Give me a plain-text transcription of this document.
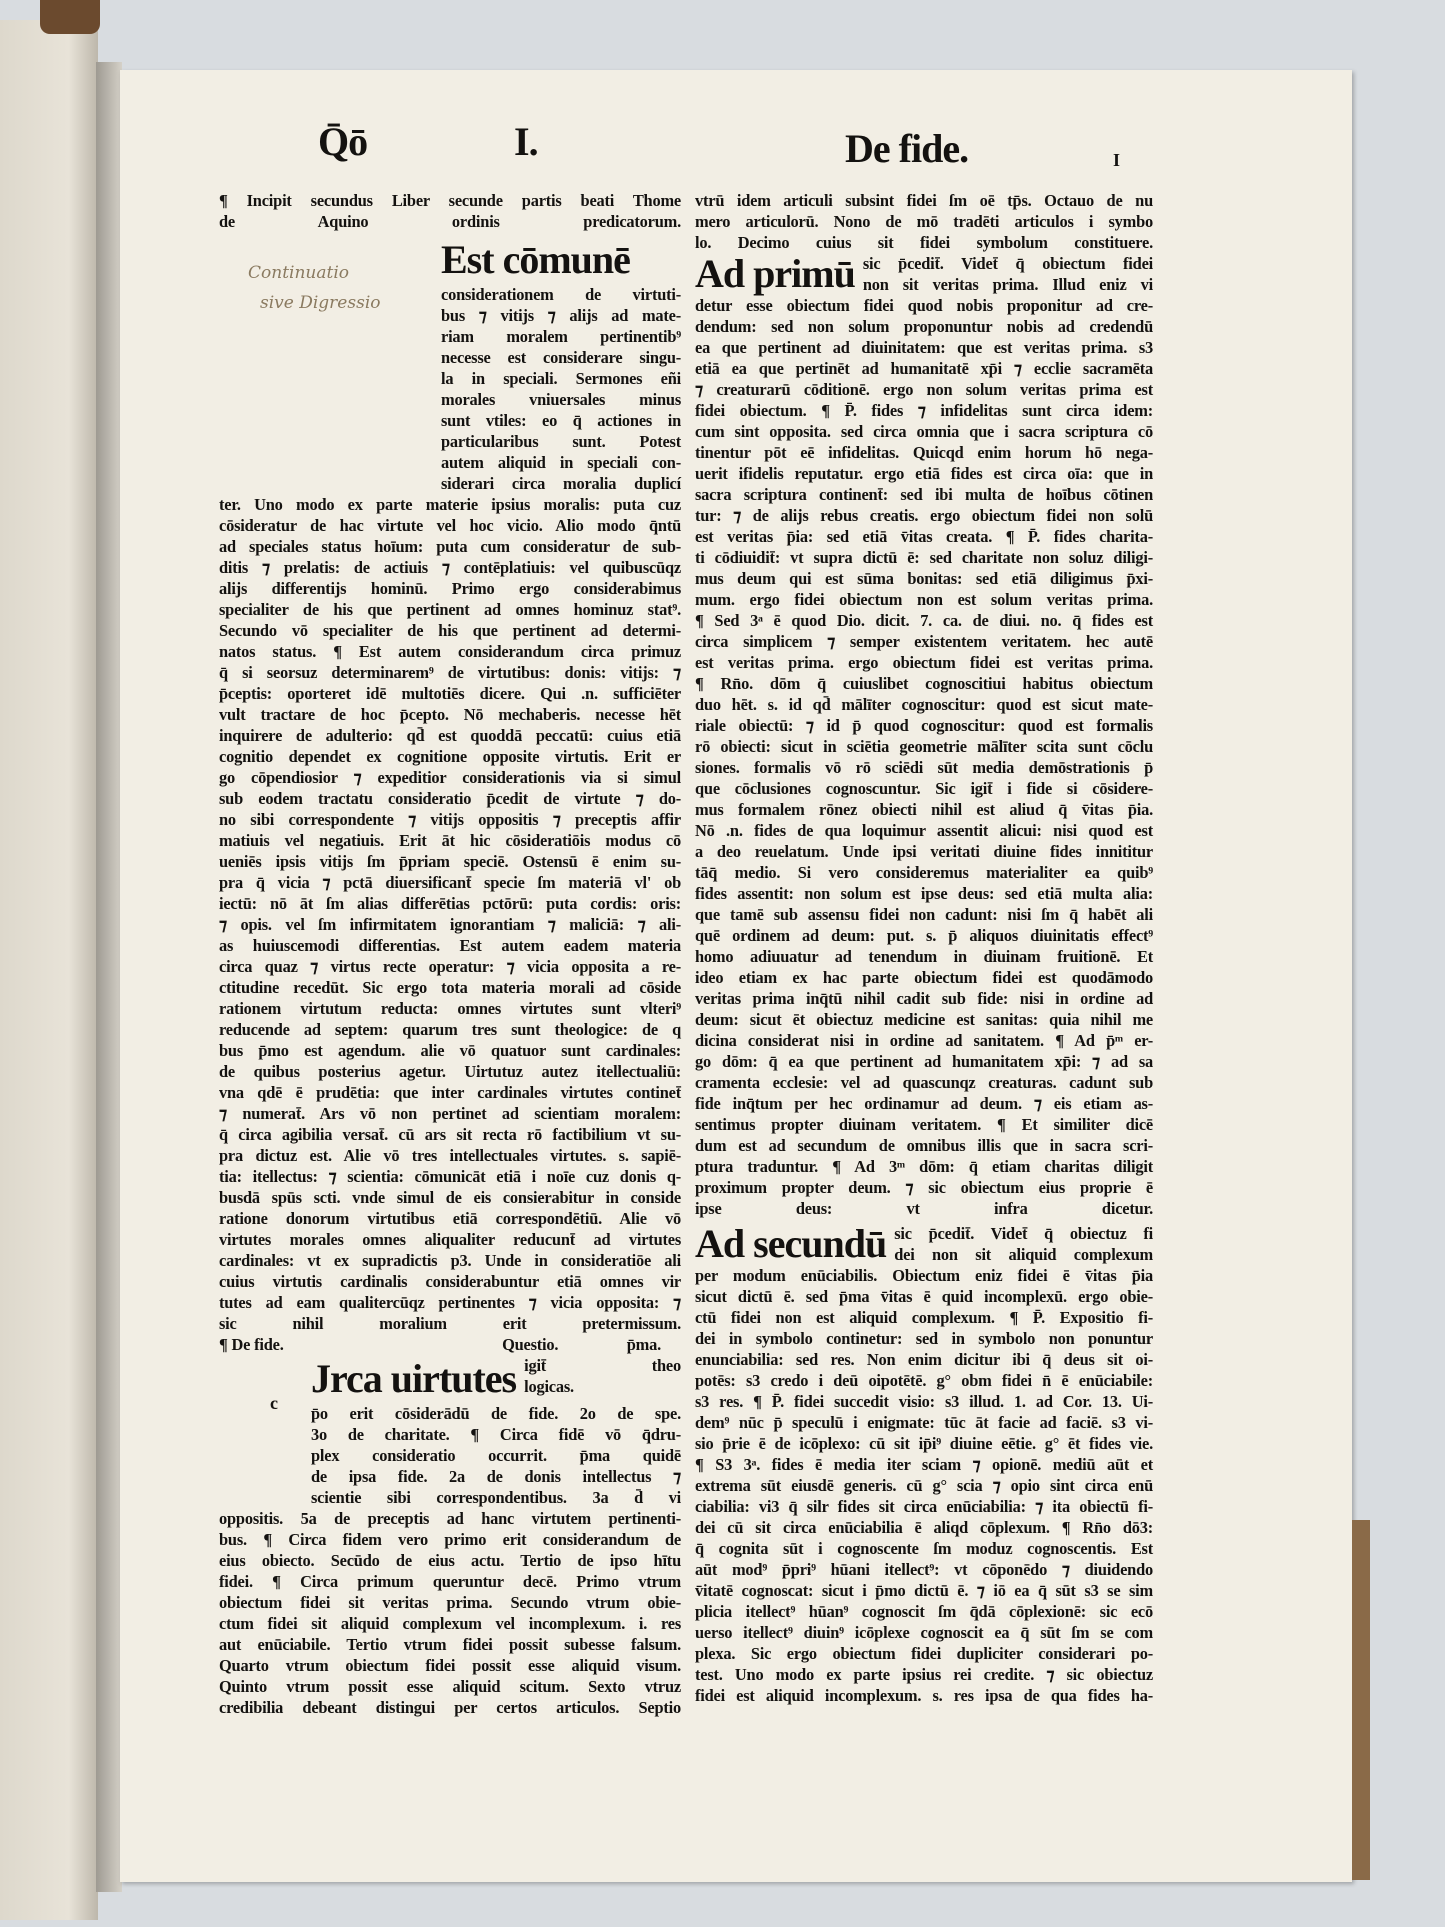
Q̄ō	I.	De fide.	I
Continuatio
sive Digressio
c
¶ Incipit secundus Liber secunde partis beati Thome
de Aquino ordinis predicatorum.
Est cōmunē
considerationem de virtuti-
bus ⁊ vitijs ⁊ alijs ad mate-
riam moralem pertinentib⁹
necesse est considerare singu-
la in speciali. Sermones eñi
morales vniuersales minus
sunt vtiles: eo q̄ actiones in
particularibus sunt. Potest
autem aliquid in speciali con-
siderari circa moralia duplicí
ter. Uno modo ex parte materie ipsius moralis: puta cuz
cōsideratur de hac virtute vel hoc vicio. Alio modo q̄ntū
ad speciales status hoīum: puta cum consideratur de sub-
ditis ⁊ prelatis: de actiuis ⁊ contēplatiuis: vel quibuscūqz
alijs differentijs hominū. Primo ergo considerabimus
specialiter de his que pertinent ad omnes hominuz stat⁹.
Secundo vō specialiter de his que pertinent ad determi-
natos status. ¶ Est autem considerandum circa primuz
q̄ si seorsuz determinarem⁹ de virtutibus: donis: vitijs: ⁊
p̄ceptis: oporteret idē multotiēs dicere. Qui .n. sufficiēter
vult tractare de hoc p̄cepto. Nō mechaberis. necesse hēt
inquirere de adulterio: qd̄ est quoddā peccatū: cuius etiā
cognitio dependet ex cognitione opposite virtutis. Erit er
go cōpendiosior ⁊ expeditior considerationis via si simul
sub eodem tractatu consideratio p̄cedit de virtute ⁊ do-
no sibi correspondente ⁊ vitijs oppositis ⁊ preceptis affir
matiuis vel negatiuis. Erit āt hic cōsideratiōis modus cō
ueniēs ipsis vitijs ſm p̄priam speciē. Ostensū ē enim su-
pra q̄ vicia ⁊ pctā diuersificant̄ specie ſm materiā vl' ob
iectū: nō āt ſm alias differētias pctōrū: puta cordis: oris:
⁊ opis. vel ſm infirmitatem ignorantiam ⁊ maliciā: ⁊ ali-
as huiuscemodi differentias. Est autem eadem materia
circa quaz ⁊ virtus recte operatur: ⁊ vicia opposita a re-
ctitudine recedūt. Sic ergo tota materia morali ad cōside
rationem virtutum reducta: omnes virtutes sunt vlteri⁹
reducende ad septem: quarum tres sunt theologice: de q
bus p̄mo est agendum. alie vō quatuor sunt cardinales:
de quibus posterius agetur. Uirtutuz autez itellectualiū:
vna qdē ē prudētia: que inter cardinales virtutes continet̄
⁊ numerat̄. Ars vō non pertinet ad scientiam moralem:
q̄ circa agibilia versat̄. cū ars sit recta rō factibilium vt su-
pra dictuz est. Alie vō tres intellectuales virtutes. s. sapiē-
tia: itellectus: ⁊ scientia: cōmunicāt etiā i noīe cuz donis q-
busdā spūs scti. vnde simul de eis consierabitur in conside
ratione donorum virtutibus etiā correspondētiū. Alie vō
virtutes morales omnes aliqualiter reducunt̄ ad virtutes
cardinales: vt ex supradictis p3. Unde in consideratiōe ali
cuius virtutis cardinalis considerabuntur etiā omnes vir
tutes ad eam qualitercūqz pertinentes ⁊ vicia opposita: ⁊
sic nihil moralium erit pretermissum.
¶ De fide.	Questio.	p̄ma.
Jrca uirtutes igit̄ theo
logicas.
p̄o erit cōsiderādū de fide. 2o de spe.
3o de charitate. ¶ Circa fidē vō q̄dru-
plex consideratio occurrit. p̄ma quidē
de ipsa fide. 2a de donis intellectus ⁊
scientie sibi correspondentibus. 3a d̄ vi
oppositis. 5a de preceptis ad hanc virtutem pertinenti-
bus. ¶ Circa fidem vero primo erit considerandum de
eius obiecto. Secūdo de eius actu. Tertio de ipso hītu
fidei. ¶ Circa primum queruntur decē. Primo vtrum
obiectum fidei sit veritas prima. Secundo vtrum obie-
ctum fidei sit aliquid complexum vel incomplexum. i. res
aut enūciabile. Tertio vtrum fidei possit subesse falsum.
Quarto vtrum obiectum fidei possit esse aliquid visum.
Quinto vtrum possit esse aliquid scitum. Sexto vtruz
credibilia debeant distingui per certos articulos. Septio
vtrū idem articuli subsint fidei ſm oē tp̄s. Octauo de nu
mero articulorū. Nono de mō tradēti articulos i symbo
lo. Decimo cuius sit fidei symbolum constituere.
Ad primū sic p̄cedit̄. Videt̄ q̄ obiectum fidei
non sit veritas prima. Illud eniz vi
detur esse obiectum fidei quod nobis proponitur ad cre-
dendum: sed non solum proponuntur nobis ad credendū
ea que pertinent ad diuinitatem: que est veritas prima. s3
etiā ea que pertinēt ad humanitatē xp̄i ⁊ ecclie sacramēta
⁊ creaturarū cōditionē. ergo non solum veritas prima est
fidei obiectum. ¶ P̄. fides ⁊ infidelitas sunt circa idem:
cum sint opposita. sed circa omnia que i sacra scriptura cō
tinentur pōt eē infidelitas. Quicqd enim horum hō nega-
uerit ifidelis reputatur. ergo etiā fides est circa oīa: que in
sacra scriptura continent̄: sed ibi multa de hoībus cōtinen
tur: ⁊ de alijs rebus creatis. ergo obiectum fidei non solū
est veritas p̄ia: sed etiā v̄itas creata. ¶ P̄. fides charita-
ti cōdiuidit̄: vt supra dictū ē: sed charitate non soluz diligi-
mus deum qui est sūma bonitas: sed etiā diligimus p̄xi-
mum. ergo fidei obiectum non est solum veritas prima.
¶ Sed 3ᵃ ē quod Dio. dicit. 7. ca. de diui. no. q̄ fides est
circa simplicem ⁊ semper existentem veritatem. hec autē
est veritas prima. ergo obiectum fidei est veritas prima.
¶ Rn̄o. dōm q̄ cuiuslibet cognoscitiui habitus obiectum
duo hēt. s. id qd̄ mālīter cognoscitur: quod est sicut mate-
riale obiectū: ⁊ id p̄ quod cognoscitur: quod est formalis
rō obiecti: sicut in sciētia geometrie mālīter scita sunt cōclu
siones. formalis vō rō sciēdi sūt media demōstrationis p̄
que cōclusiones cognoscuntur. Sic igit̄ i fide si cōsidere-
mus formalem rōnez obiecti nihil est aliud q̄ v̄itas p̄ia.
Nō .n. fides de qua loquimur assentit alicui: nisi quod est
a deo reuelatum. Unde ipsi veritati diuine fides innititur
tāq̄ medio. Si vero consideremus materialiter ea quib⁹
fides assentit: non solum est ipse deus: sed etiā multa alia:
que tamē sub assensu fidei non cadunt: nisi ſm q̄ habēt ali
quē ordinem ad deum: put. s. p̄ aliquos diuinitatis effect⁹
homo adiuuatur ad tenendum in diuinam fruitionē. Et
ideo etiam ex hac parte obiectum fidei est quodāmodo
veritas prima inq̄tū nihil cadit sub fide: nisi in ordine ad
deum: sicut ēt obiectuz medicine est sanitas: quia nihil me
dicina considerat nisi in ordine ad sanitatem. ¶ Ad p̄ᵐ er-
go dōm: q̄ ea que pertinent ad humanitatem xp̄i: ⁊ ad sa
cramenta ecclesie: vel ad quascunqz creaturas. cadunt sub
fide inq̄tum per hec ordinamur ad deum. ⁊ eis etiam as-
sentimus propter diuinam veritatem. ¶ Et similiter dicē
dum est ad secundum de omnibus illis que in sacra scri-
ptura traduntur. ¶ Ad 3ᵐ dōm: q̄ etiam charitas diligit
proximum propter deum. ⁊ sic obiectum eius proprie ē
ipse deus: vt infra dicetur.
Ad secundū sic p̄cedit̄. Videt̄ q̄ obiectuz fi
dei non sit aliquid complexum
per modum enūciabilis. Obiectum eniz fidei ē v̄itas p̄ia
sicut dictū ē. sed p̄ma v̄itas ē quid incomplexū. ergo obie-
ctū fidei non est aliquid complexum. ¶ P̄. Expositio fi-
dei in symbolo continetur: sed in symbolo non ponuntur
enunciabilia: sed res. Non enim dicitur ibi q̄ deus sit oi-
potēs: s3 credo i deū oipotētē. g° obm fidei n̄ ē enūciabile:
s3 res. ¶ P̄. fidei succedit visio: s3 illud. 1. ad Cor. 13. Ui-
dem⁹ nūc p̄ speculū i enigmate: tūc āt facie ad faciē. s3 vi-
sio p̄rie ē de icōplexo: cū sit ip̄i⁹ diuine eētie. g° ēt fides vie.
¶ S3 3ᵃ. fides ē media iter sciam ⁊ opionē. mediū aūt et
extrema sūt eiusdē generis. cū g° scia ⁊ opio sint circa enū
ciabilia: vi3 q̄ silr fides sit circa enūciabilia: ⁊ ita obiectū fi-
dei cū sit circa enūciabilia ē aliqd cōplexum. ¶ Rn̄o dō3:
q̄ cognita sūt i cognoscente ſm moduz cognoscentis. Est
aūt mod⁹ p̄pri⁹ hūani itellect⁹: vt cōponēdo ⁊ diuidendo
v̄itatē cognoscat: sicut i p̄mo dictū ē. ⁊ iō ea q̄ sūt s3 se sim
plicia itellect⁹ hūan⁹ cognoscit ſm q̄dā cōplexionē: sic ecō
uerso itellect⁹ diuin⁹ icōplexe cognoscit ea q̄ sūt ſm se com
plexa. Sic ergo obiectum fidei dupliciter considerari po-
test. Uno modo ex parte ipsius rei credite. ⁊ sic obiectuz
fidei est aliquid incomplexum. s. res ipsa de qua fides ha-
